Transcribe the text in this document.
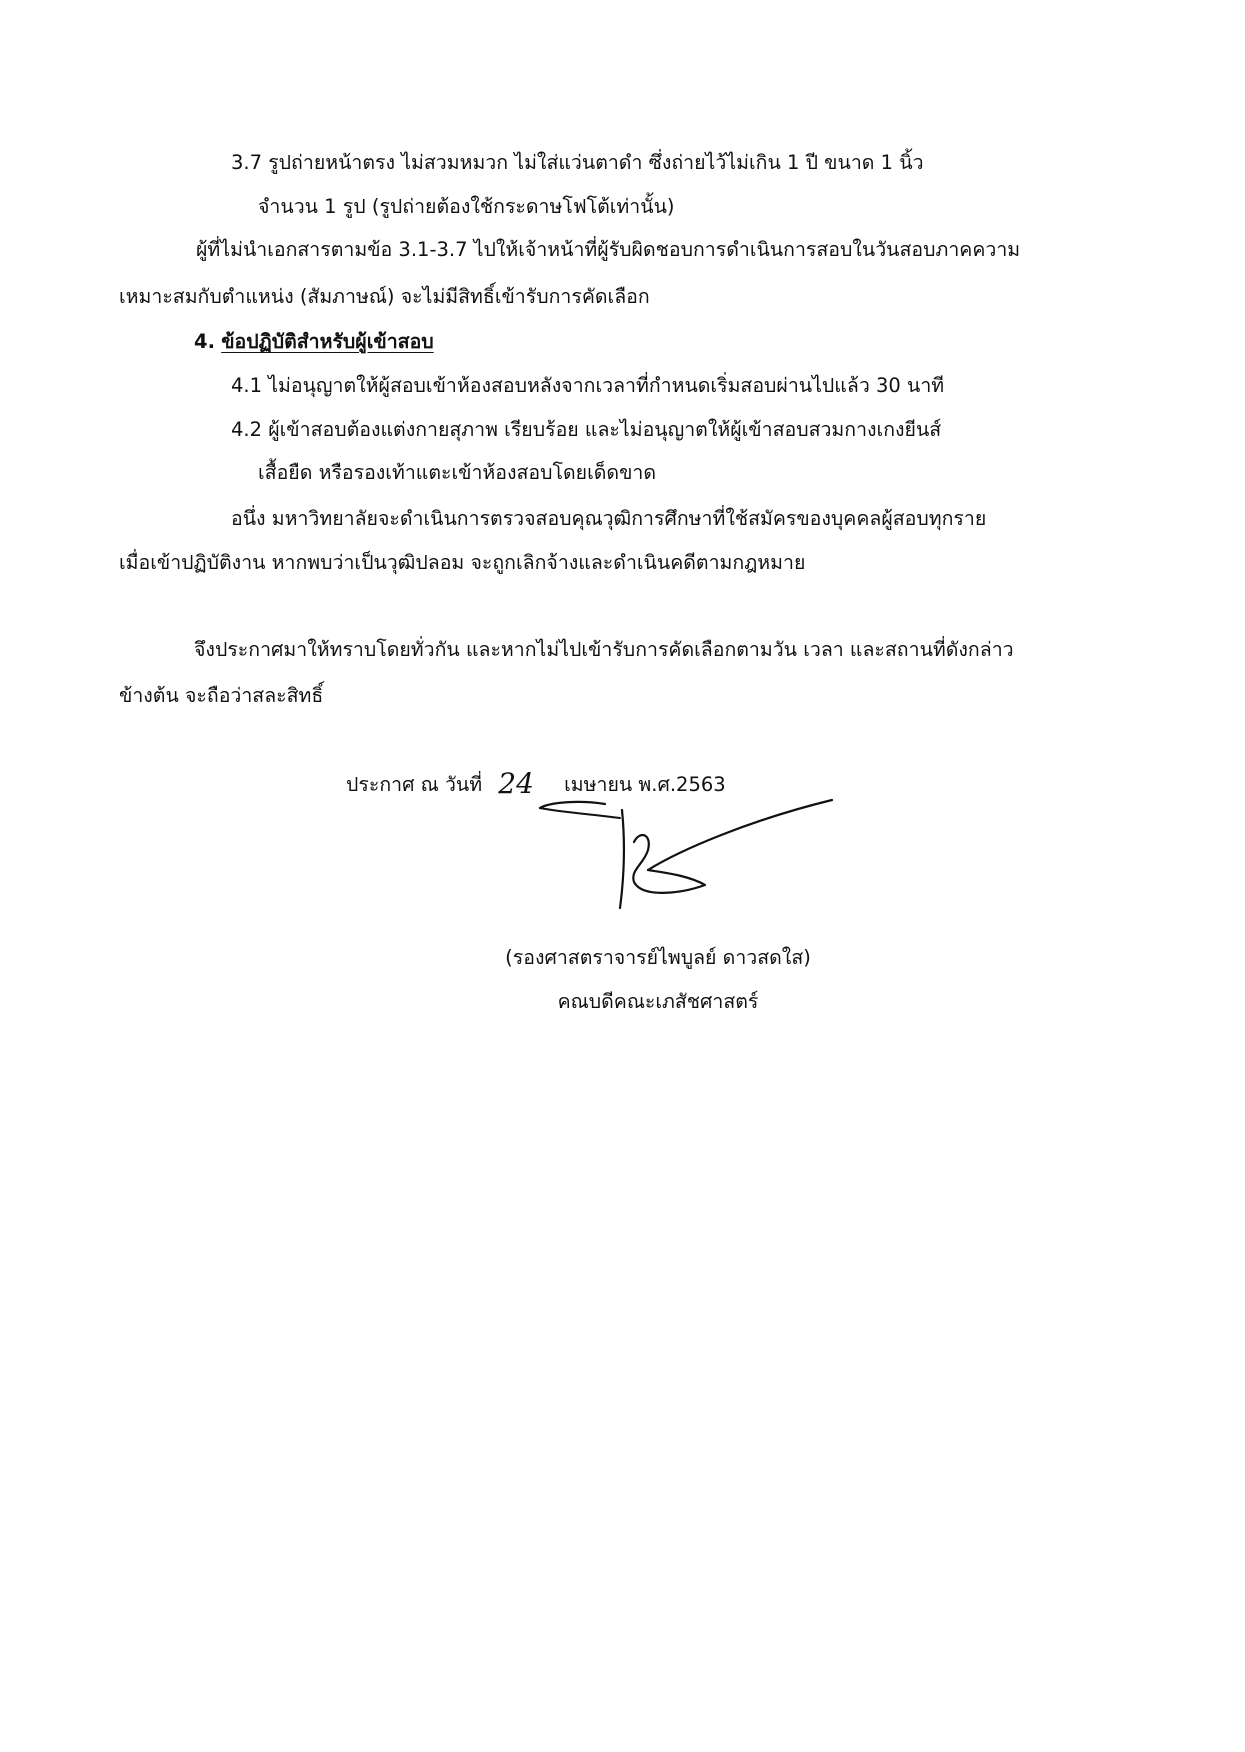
3.7 รูปถ่ายหน้าตรง ไม่สวมหมวก ไม่ใส่แว่นตาดำ ซึ่งถ่ายไว้ไม่เกิน 1 ปี ขนาด 1 นิ้ว
จำนวน 1 รูป (รูปถ่ายต้องใช้กระดาษโฟโต้เท่านั้น)
ผู้ที่ไม่นำเอกสารตามข้อ 3.1-3.7 ไปให้เจ้าหน้าที่ผู้รับผิดชอบการดำเนินการสอบในวันสอบภาคความ
เหมาะสมกับตำแหน่ง (สัมภาษณ์) จะไม่มีสิทธิ์เข้ารับการคัดเลือก
4. ข้อปฏิบัติสำหรับผู้เข้าสอบ
4.1 ไม่อนุญาตให้ผู้สอบเข้าห้องสอบหลังจากเวลาที่กำหนดเริ่มสอบผ่านไปแล้ว 30 นาที
4.2 ผู้เข้าสอบต้องแต่งกายสุภาพ เรียบร้อย และไม่อนุญาตให้ผู้เข้าสอบสวมกางเกงยีนส์
เสื้อยืด หรือรองเท้าแตะเข้าห้องสอบโดยเด็ดขาด
อนึ่ง มหาวิทยาลัยจะดำเนินการตรวจสอบคุณวุฒิการศึกษาที่ใช้สมัครของบุคคลผู้สอบทุกราย
เมื่อเข้าปฏิบัติงาน หากพบว่าเป็นวุฒิปลอม จะถูกเลิกจ้างและดำเนินคดีตามกฎหมาย
จึงประกาศมาให้ทราบโดยทั่วกัน และหากไม่ไปเข้ารับการคัดเลือกตามวัน เวลา และสถานที่ดังกล่าว
ข้างต้น จะถือว่าสละสิทธิ์
ประกาศ ณ วันที่ 24 เมษายน พ.ศ.2563
(รองศาสตราจารย์ไพบูลย์ ดาวสดใส)
คณบดีคณะเภสัชศาสตร์
